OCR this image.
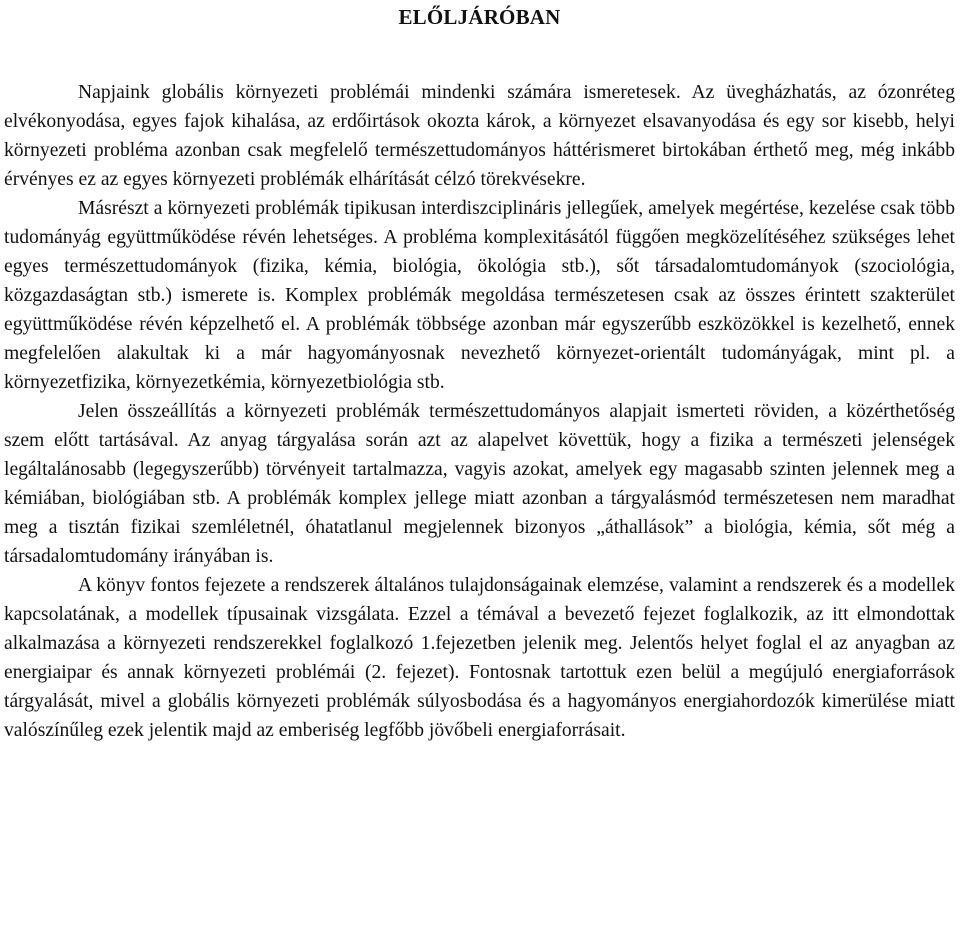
ELŐLJÁRÓBAN

Napjaink globális környezeti problémái mindenki számára ismeretesek. Az üvegházhatás, az ózonréteg elvékonyodása, egyes fajok kihalása, az erdőirtások okozta károk, a környezet elsavanyodása és egy sor kisebb, helyi környezeti probléma azonban csak megfelelő természettudományos háttérismeret birtokában érthető meg, még inkább érvényes ez az egyes környezeti problémák elhárítását célzó törekvésekre.

Másrészt a környezeti problémák tipikusan interdiszciplináris jellegűek, amelyek megértése, kezelése csak több tudományág együttműködése révén lehetséges. A probléma komplexitásától függően megközelítéséhez szükséges lehet egyes természettudományok (fizika, kémia, biológia, ökológia stb.), sőt társadalomtudományok (szociológia, közgazdaságtan stb.) ismerete is. Komplex problémák megoldása természetesen csak az összes érintett szakterület együttműködése révén képzelhető el. A problémák többsége azonban már egyszerűbb eszközökkel is kezelhető, ennek megfelelően alakultak ki a már hagyományosnak nevezhető környezet-orientált tudományágak, mint pl. a környezetfizika, környezetkémia, környezetbiológia stb.

Jelen összeállítás a környezeti problémák természettudományos alapjait ismerteti röviden, a közérthetőség szem előtt tartásával. Az anyag tárgyalása során azt az alapelvet követtük, hogy a fizika a természeti jelenségek legáltalánosabb (legegyszerűbb) törvényeit tartalmazza, vagyis azokat, amelyek egy magasabb szinten jelennek meg a kémiában, biológiában stb. A problémák komplex jellege miatt azonban a tárgyalásmód természetesen nem maradhat meg a tisztán fizikai szemléletnél, óhatatlanul megjelennek bizonyos „áthallások” a biológia, kémia, sőt még a társadalomtudomány irányában is.

A könyv fontos fejezete a rendszerek általános tulajdonságainak elemzése, valamint a rendszerek és a modellek kapcsolatának, a modellek típusainak vizsgálata. Ezzel a témával a bevezető fejezet foglalkozik, az itt elmondottak alkalmazása a környezeti rendszerekkel foglalkozó 1.fejezetben jelenik meg. Jelentős helyet foglal el az anyagban az energiaipar és annak környezeti problémái (2. fejezet). Fontosnak tartottuk ezen belül a megújuló energiaforrások tárgyalását, mivel a globális környezeti problémák súlyosbodása és a hagyományos energiahordozók kimerülése miatt valószínűleg ezek jelentik majd az emberiség legfőbb jövőbeli energiaforrásait.
